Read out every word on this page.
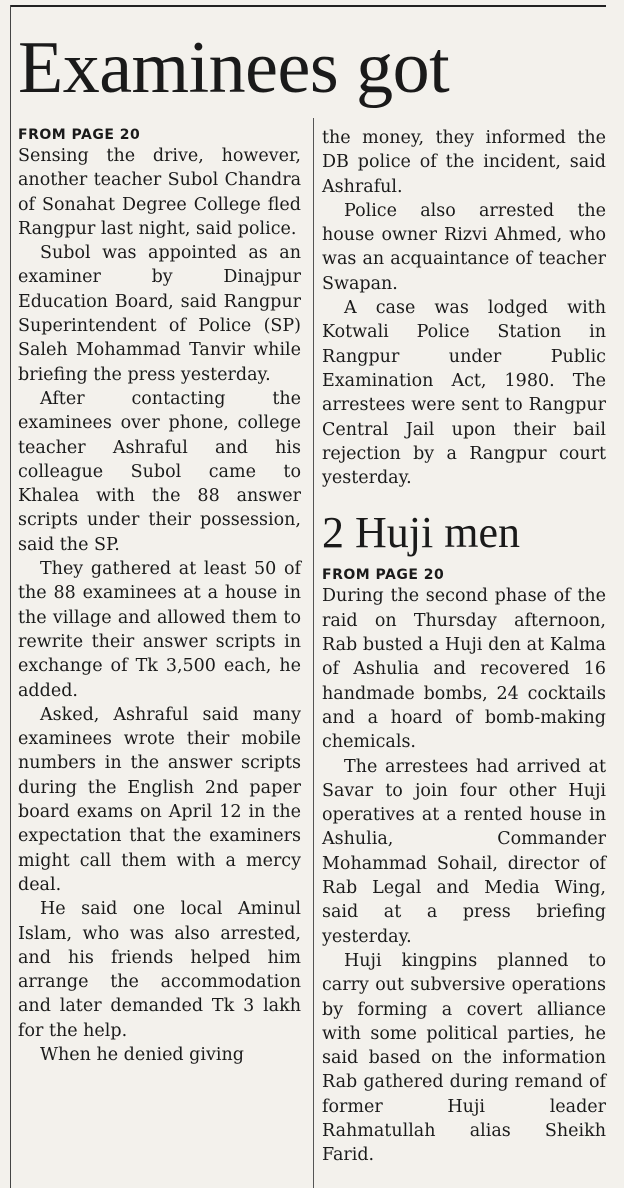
Examinees got

FROM PAGE 20

Sensing the drive, however, another teacher Subol Chandra of Sonahat Degree College fled Rangpur last night, said police.

Subol was appointed as an examiner by Dinajpur Education Board, said Rangpur Superintendent of Police (SP) Saleh Mohammad Tanvir while briefing the press yesterday.

After contacting the examinees over phone, college teacher Ashraful and his colleague Subol came to Khalea with the 88 answer scripts under their possession, said the SP.

They gathered at least 50 of the 88 examinees at a house in the village and allowed them to rewrite their answer scripts in exchange of Tk 3,500 each, he added.

Asked, Ashraful said many examinees wrote their mobile numbers in the answer scripts during the English 2nd paper board exams on April 12 in the expectation that the examiners might call them with a mercy deal.

He said one local Aminul Islam, who was also arrested, and his friends helped him arrange the accommodation and later demanded Tk 3 lakh for the help.

When he denied giving

the money, they informed the DB police of the incident, said Ashraful.

Police also arrested the house owner Rizvi Ahmed, who was an acquaintance of teacher Swapan.

A case was lodged with Kotwali Police Station in Rangpur under Public Examination Act, 1980. The arrestees were sent to Rangpur Central Jail upon their bail rejection by a Rangpur court yesterday.

2 Huji men

FROM PAGE 20

During the second phase of the raid on Thursday afternoon, Rab busted a Huji den at Kalma of Ashulia and recovered 16 handmade bombs, 24 cocktails and a hoard of bomb-making chemicals.

The arrestees had arrived at Savar to join four other Huji operatives at a rented house in Ashulia, Commander Mohammad Sohail, director of Rab Legal and Media Wing, said at a press briefing yesterday.

Huji kingpins planned to carry out subversive operations by forming a covert alliance with some political parties, he said based on the information Rab gathered during remand of former Huji leader Rahmatullah alias Sheikh Farid.
